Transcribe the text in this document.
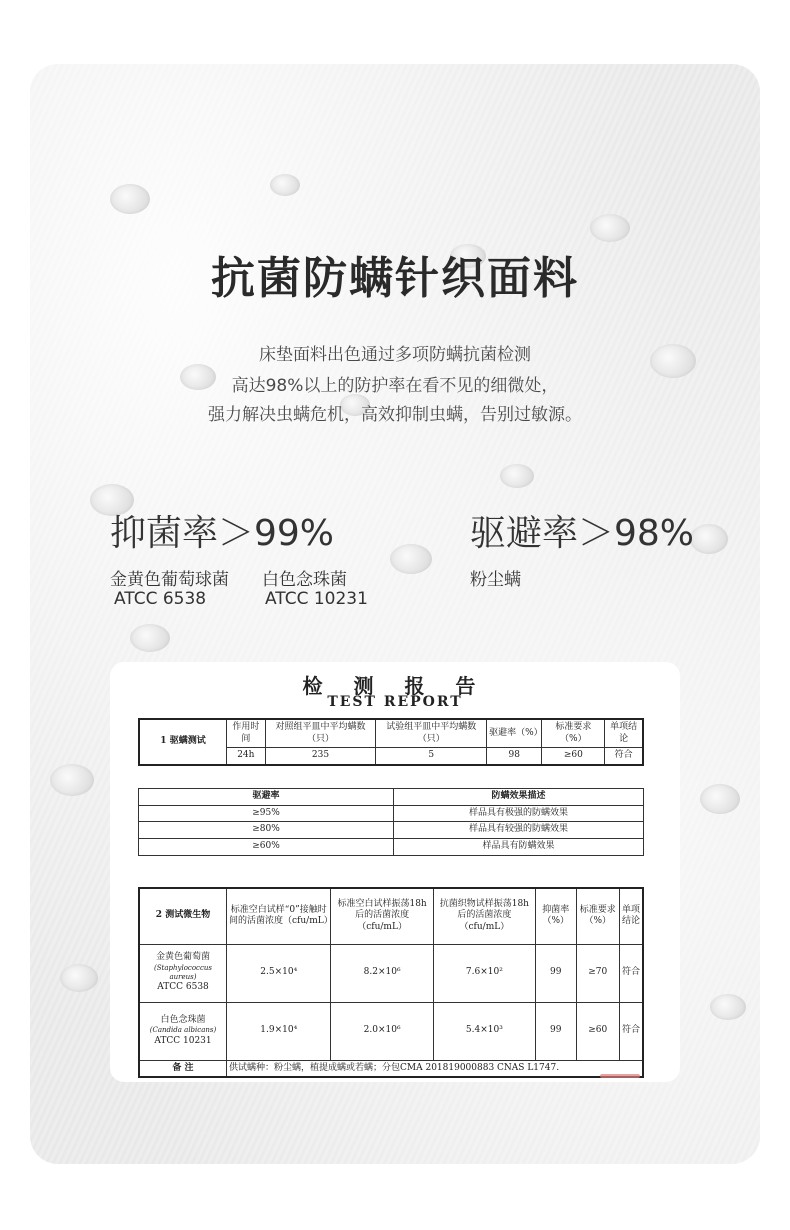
抗菌防螨针织面料
床垫面料出色通过多项防螨抗菌检测
高达98%以上的防护率在看不见的细微处，
强力解决虫螨危机，高效抑制虫螨，告别过敏源。
抑菌率＞99%	驱避率＞98%
金黄色葡萄球菌
ATCC 6538
白色念珠菌
ATCC 10231
粉尘螨
检 测 报 告
TEST REPORT
1 驱螨测试	作用时间	对照组平皿中平均螨数（只）	试验组平皿中平均螨数（只）	驱避率（%）	标准要求（%）	单项结论
	24h	235	5	98	≥60	符合
驱避率	防螨效果描述
≥95%	样品具有极强的防螨效果
≥80%	样品具有较强的防螨效果
≥60%	样品具有防螨效果
2 测试微生物	标准空白试样“0”接触时间的活菌浓度（cfu/mL）	标准空白试样振荡18h后的活菌浓度（cfu/mL）	抗菌织物试样振荡18h后的活菌浓度（cfu/mL）	抑菌率（%）	标准要求（%）	单项结论

金黄色葡萄菌
(Staphylococcus aureus)
ATCC 6538	2.5×10⁴	8.2×10⁶	7.6×10²	99	≥70	符合

白色念珠菌
(Candida albicans)
ATCC 10231	1.9×10⁴	2.0×10⁶	5.4×10³	99	≥60	符合
备 注	供试螨种：粉尘螨，植提成螨或若螨；分包CMA 201819000883 CNAS L1747.					
